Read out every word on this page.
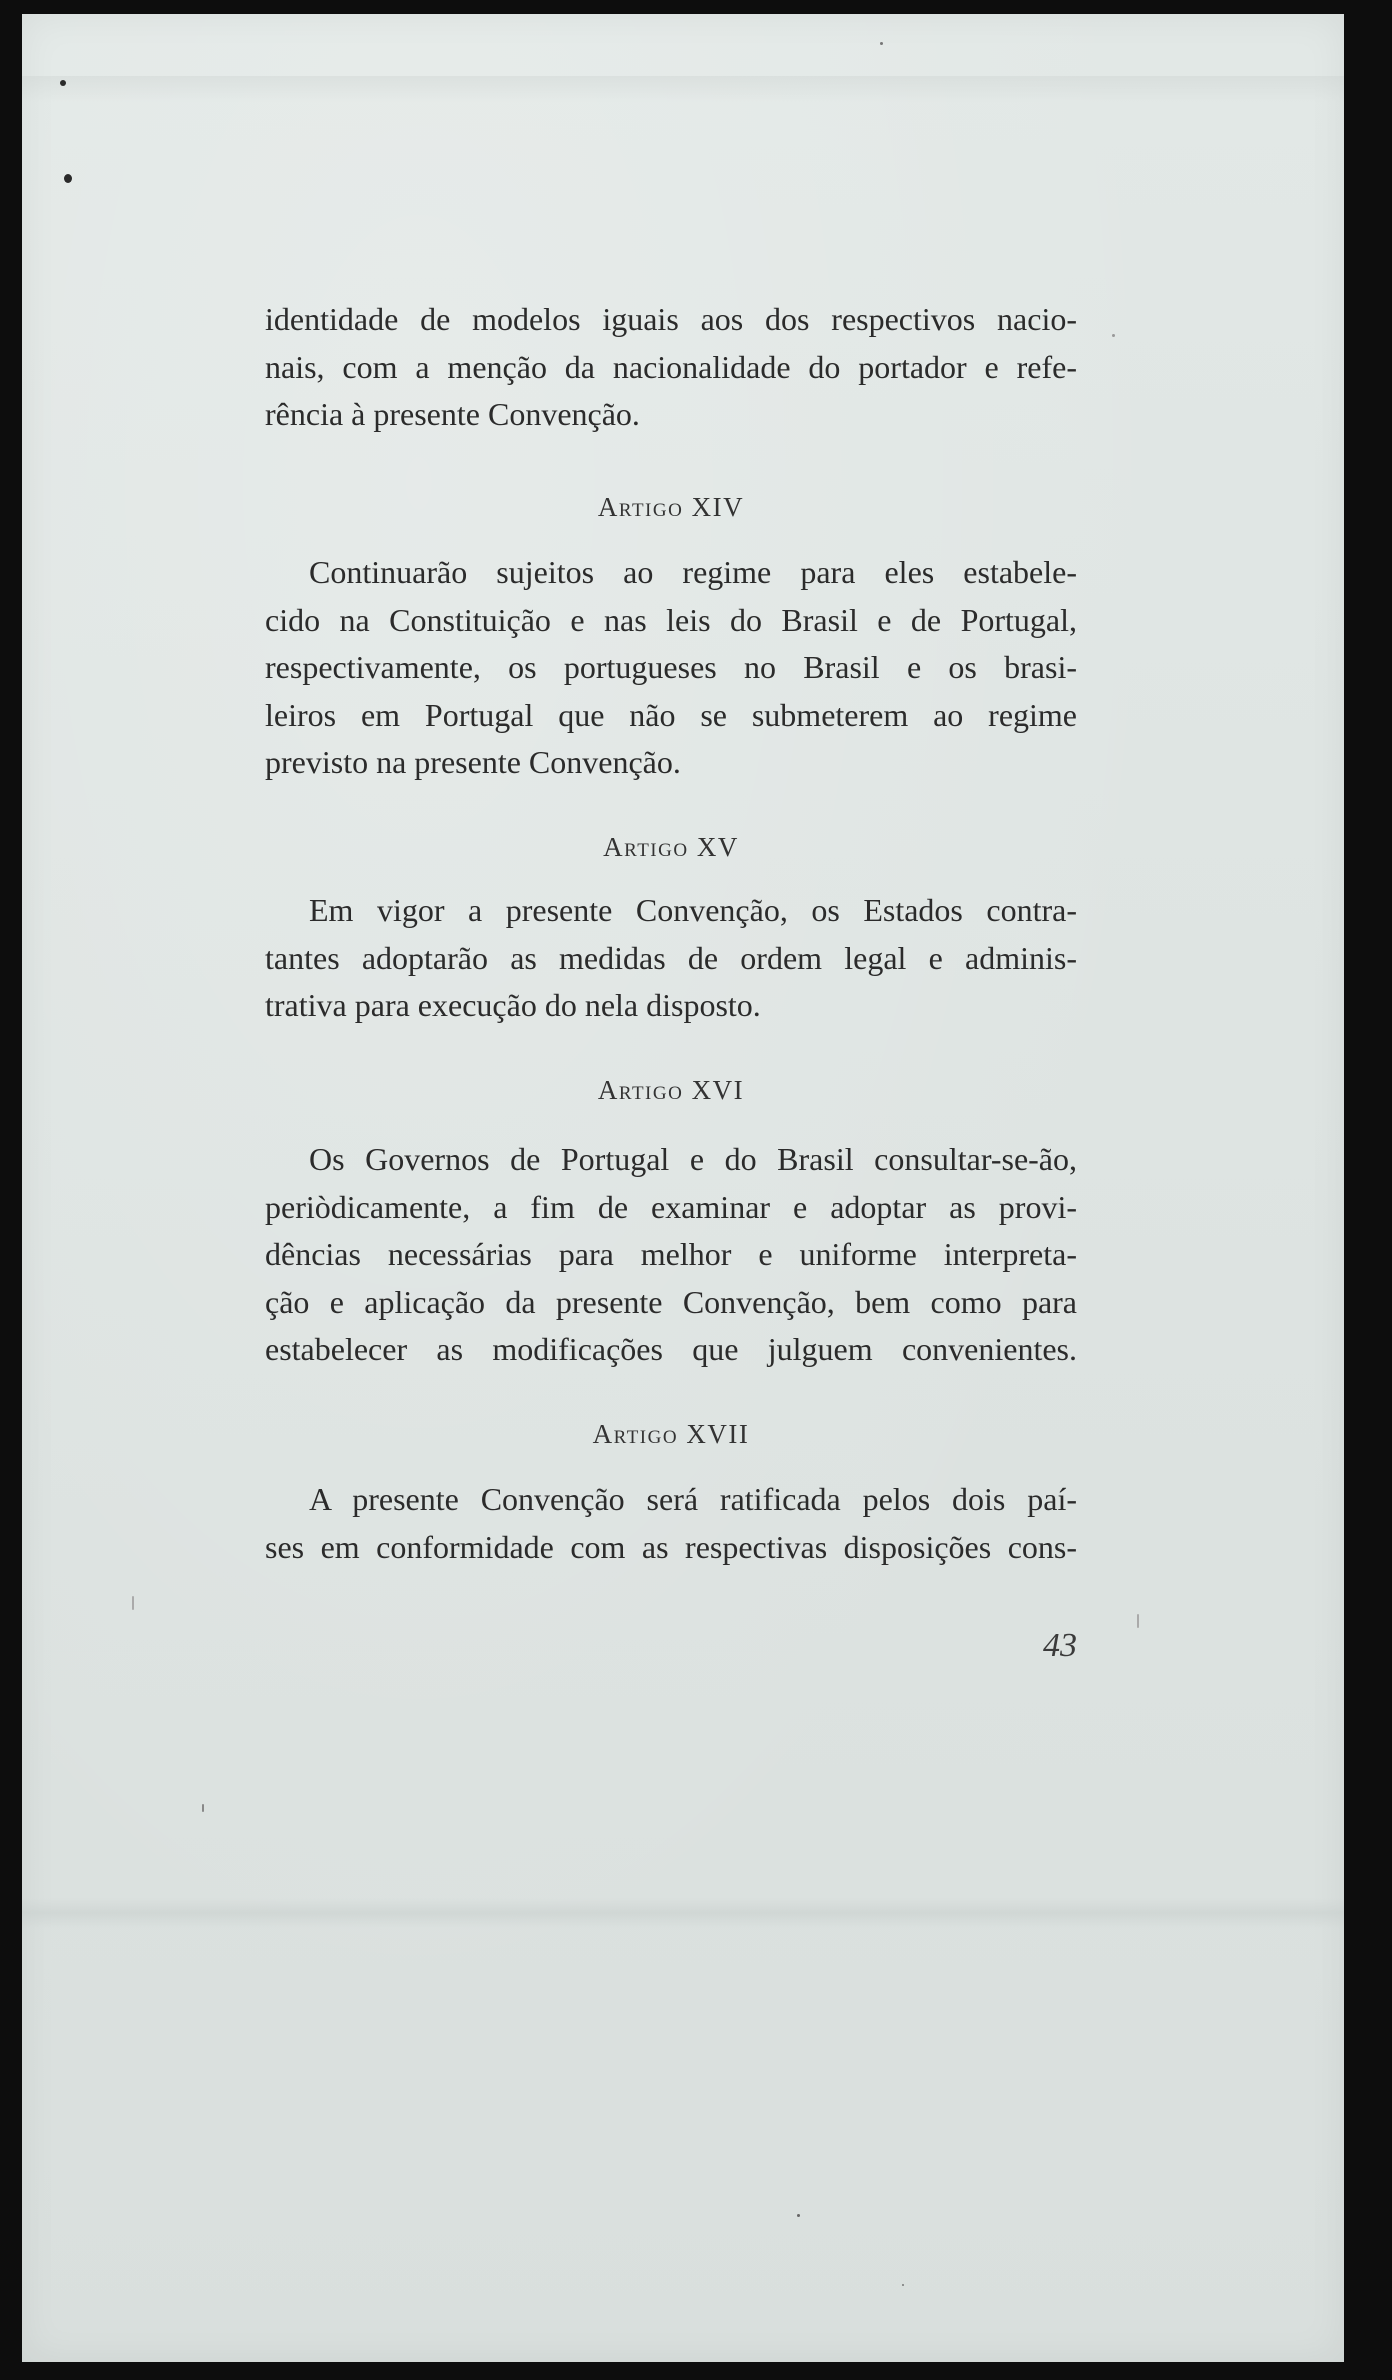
identidade de modelos iguais aos dos respectivos nacio-
nais, com a menção da nacionalidade do portador e refe-
rência à presente Convenção.
Artigo XIV
Continuarão sujeitos ao regime para eles estabele-
cido na Constituição e nas leis do Brasil e de Portugal,
respectivamente, os portugueses no Brasil e os brasi-
leiros em Portugal que não se submeterem ao regime
previsto na presente Convenção.
Artigo XV
Em vigor a presente Convenção, os Estados contra-
tantes adoptarão as medidas de ordem legal e adminis-
trativa para execução do nela disposto.
Artigo XVI
Os Governos de Portugal e do Brasil consultar-se-ão,
periòdicamente, a fim de examinar e adoptar as provi-
dências necessárias para melhor e uniforme interpreta-
ção e aplicação da presente Convenção, bem como para
estabelecer as modificações que julguem convenientes.
Artigo XVII
A presente Convenção será ratificada pelos dois paí-
ses em conformidade com as respectivas disposições cons-
43
